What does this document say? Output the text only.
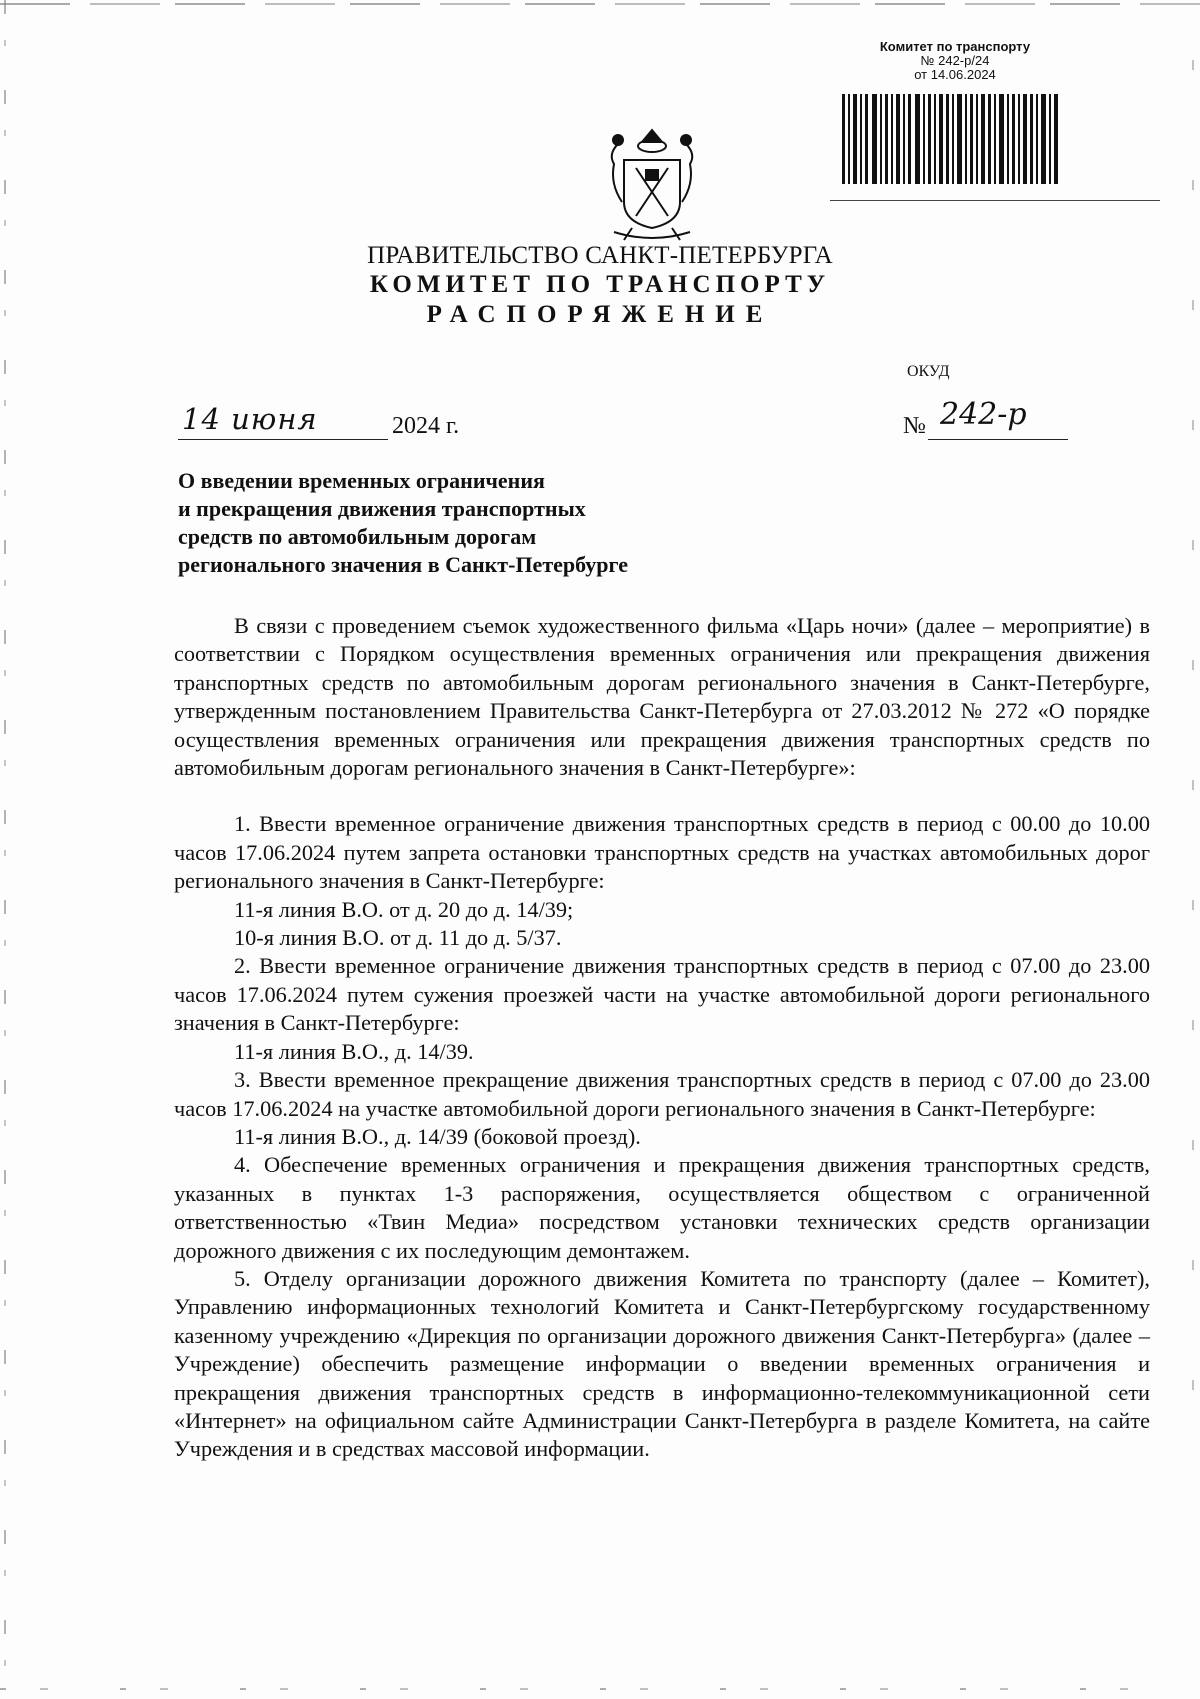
Комитет по транспорту
№ 242-р/24
от 14.06.2024
ПРАВИТЕЛЬСТВО САНКТ-ПЕТЕРБУРГА
КОМИТЕТ ПО ТРАНСПОРТУ
РАСПОРЯЖЕНИЕ
ОКУД
14 июня	2024 г.	№ 242-р
О введении временных ограничения
и прекращения движения транспортных
средств по автомобильным дорогам
регионального значения в Санкт-Петербурге

В связи с проведением съемок художественного фильма «Царь ночи» (далее – мероприятие) в соответствии с Порядком осуществления временных ограничения или прекращения движения транспортных средств по автомобильным дорогам регионального значения в Санкт-Петербурге, утвержденным постановлением Правительства Санкт-Петербурга от 27.03.2012 № 272 «О порядке осуществления временных ограничения или прекращения движения транспортных средств по автомобильным дорогам регионального значения в Санкт-Петербурге»:

1. Ввести временное ограничение движения транспортных средств в период с 00.00 до 10.00 часов 17.06.2024 путем запрета остановки транспортных средств на участках автомобильных дорог регионального значения в Санкт-Петербурге:

11-я линия В.О. от д. 20 до д. 14/39;

10-я линия В.О. от д. 11 до д. 5/37.

2. Ввести временное ограничение движения транспортных средств в период с 07.00 до 23.00 часов 17.06.2024 путем сужения проезжей части на участке автомобильной дороги регионального значения в Санкт-Петербурге:

11-я линия В.О., д. 14/39.

3. Ввести временное прекращение движения транспортных средств в период с 07.00 до 23.00 часов 17.06.2024 на участке автомобильной дороги регионального значения в Санкт-Петербурге:

11-я линия В.О., д. 14/39 (боковой проезд).

4. Обеспечение временных ограничения и прекращения движения транспортных средств, указанных в пунктах 1-3 распоряжения, осуществляется обществом с ограниченной ответственностью «Твин Медиа» посредством установки технических средств организации дорожного движения с их последующим демонтажем.

5. Отделу организации дорожного движения Комитета по транспорту (далее – Комитет), Управлению информационных технологий Комитета и Санкт-Петербургскому государственному казенному учреждению «Дирекция по организации дорожного движения Санкт-Петербурга» (далее – Учреждение) обеспечить размещение информации о введении временных ограничения и прекращения движения транспортных средств в информационно-телекоммуникационной сети «Интернет» на официальном сайте Администрации Санкт-Петербурга в разделе Комитета, на сайте Учреждения и в средствах массовой информации.
